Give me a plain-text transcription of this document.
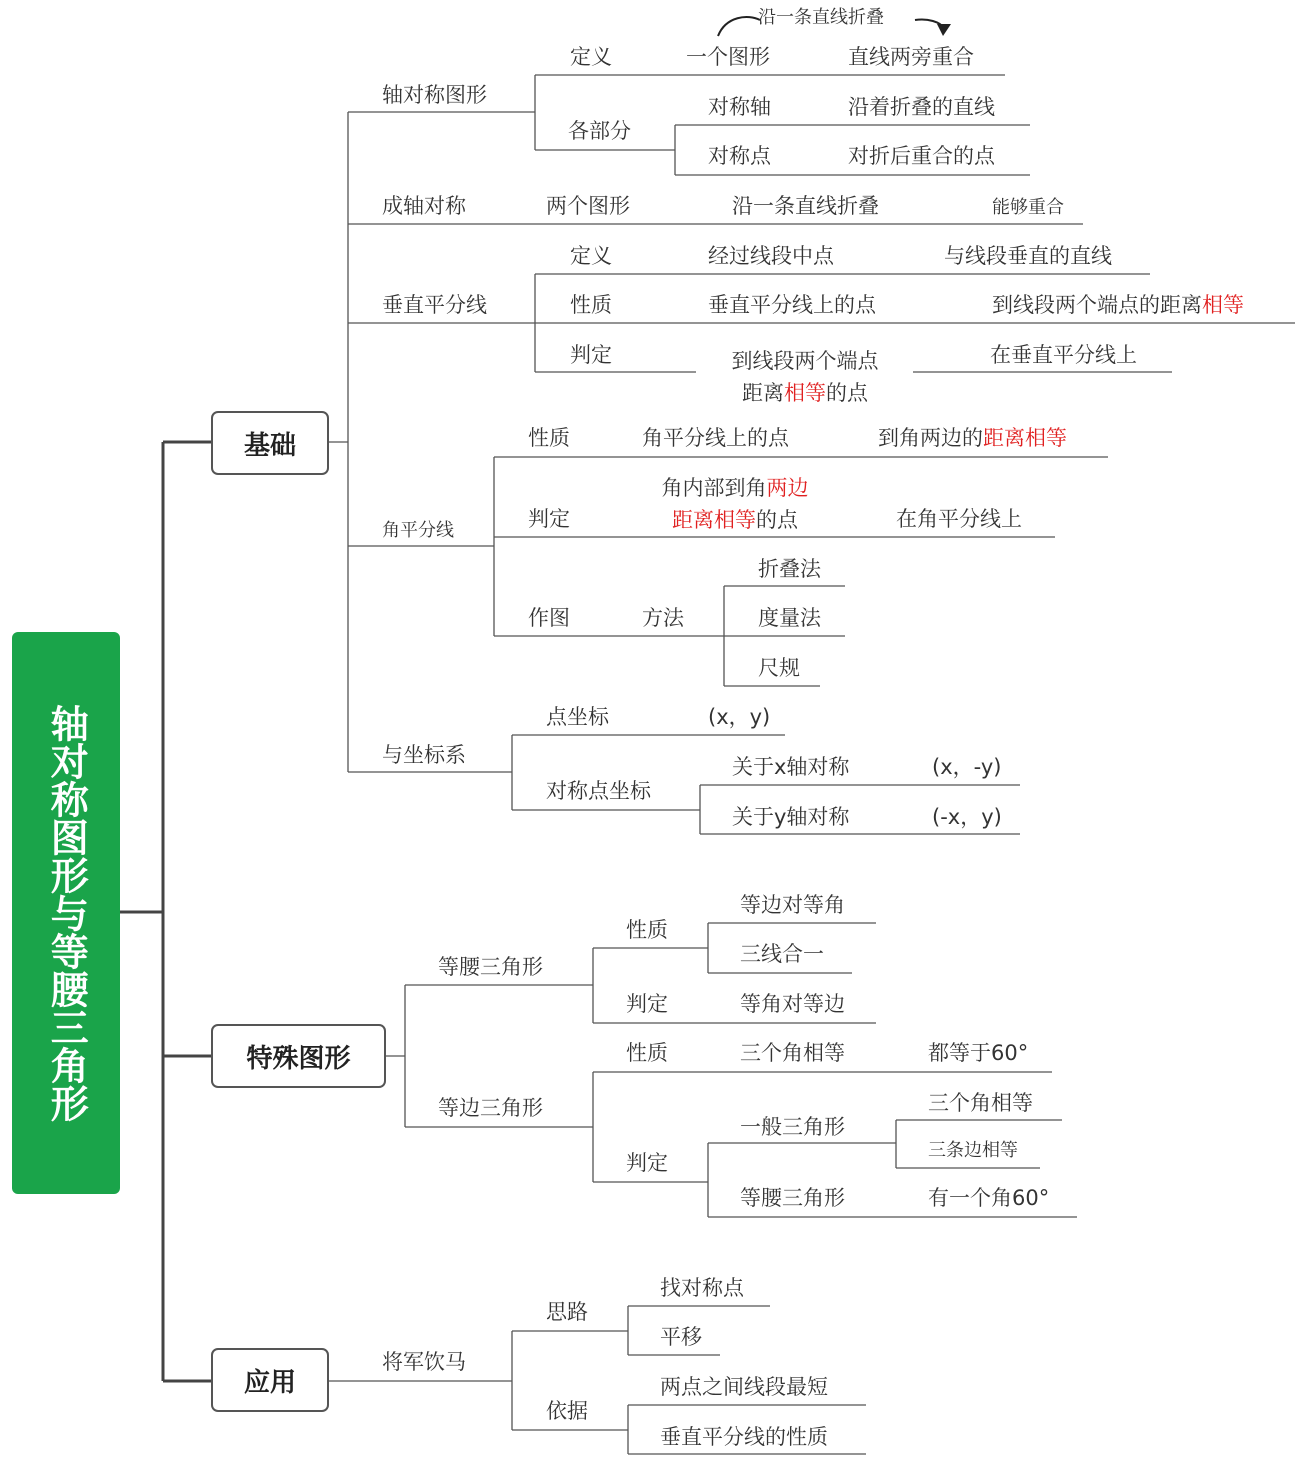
轴对称图形与等腰三角形
基础
特殊图形
应用
轴对称图形
定义	一个图形	直线两旁重合
沿一条直线折叠
各部分
对称轴	沿着折叠的直线
对称点	对折后重合的点
成轴对称	两个图形	沿一条直线折叠	能够重合
垂直平分线
定义	经过线段中点	与线段垂直的直线
性质	垂直平分线上的点	到线段两个端点的距离相等
判定	到线段两个端点
距离相等的点
在垂直平分线上
角平分线
性质	角平分线上的点	到角两边的距离相等
判定
角内部到角两边
距离相等的点	在角平分线上
作图	方法
折叠法
度量法
尺规
与坐标系
点坐标	(x，y)
对称点坐标
关于x轴对称	(x，-y)
关于y轴对称	(-x，y)
等腰三角形
性质
等边对等角
三线合一
判定	等角对等边
等边三角形
性质	三个角相等	都等于60°
判定
一般三角形
三个角相等
三条边相等
等腰三角形	有一个角60°
将军饮马
思路
找对称点
平移
依据
两点之间线段最短
垂直平分线的性质
